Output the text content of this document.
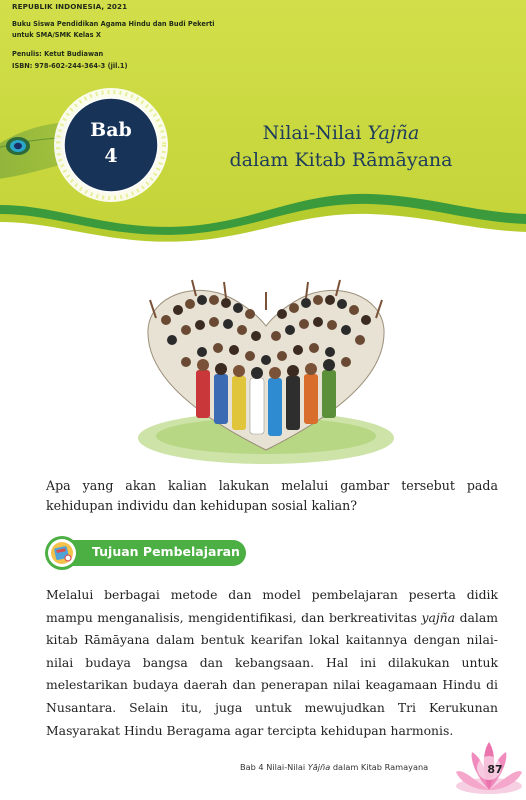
REPUBLIK INDONESIA, 2021
Buku Siswa Pendidikan Agama Hindu dan Budi Pekerti
untuk SMA/SMK Kelas X
Penulis: Ketut Budiawan
ISBN: 978-602-244-364-3 (jil.1)
Bab
4
Nilai-Nilai Yajña
dalam Kitab Rāmāyana
Apa yang akan kalian lakukan melalui gambar tersebut pada kehidupan individu dan kehidupan sosial kalian?
Tujuan Pembelajaran
Melalui berbagai metode dan model pembelajaran peserta didik mampu menganalisis, mengidentifikasi, dan berkreativitas yajña dalam kitab Rāmāyana dalam bentuk kearifan lokal kaitannya dengan nilai-nilai budaya bangsa dan kebangsaan. Hal ini dilakukan untuk melestarikan budaya daerah dan penerapan nilai keagamaan Hindu di Nusantara. Selain itu, juga untuk mewujudkan Tri Kerukunan Masyarakat Hindu Beragama agar tercipta kehidupan harmonis.
Bab 4 Nilai-Nilai Yājña dalam Kitab Ramayana	87
